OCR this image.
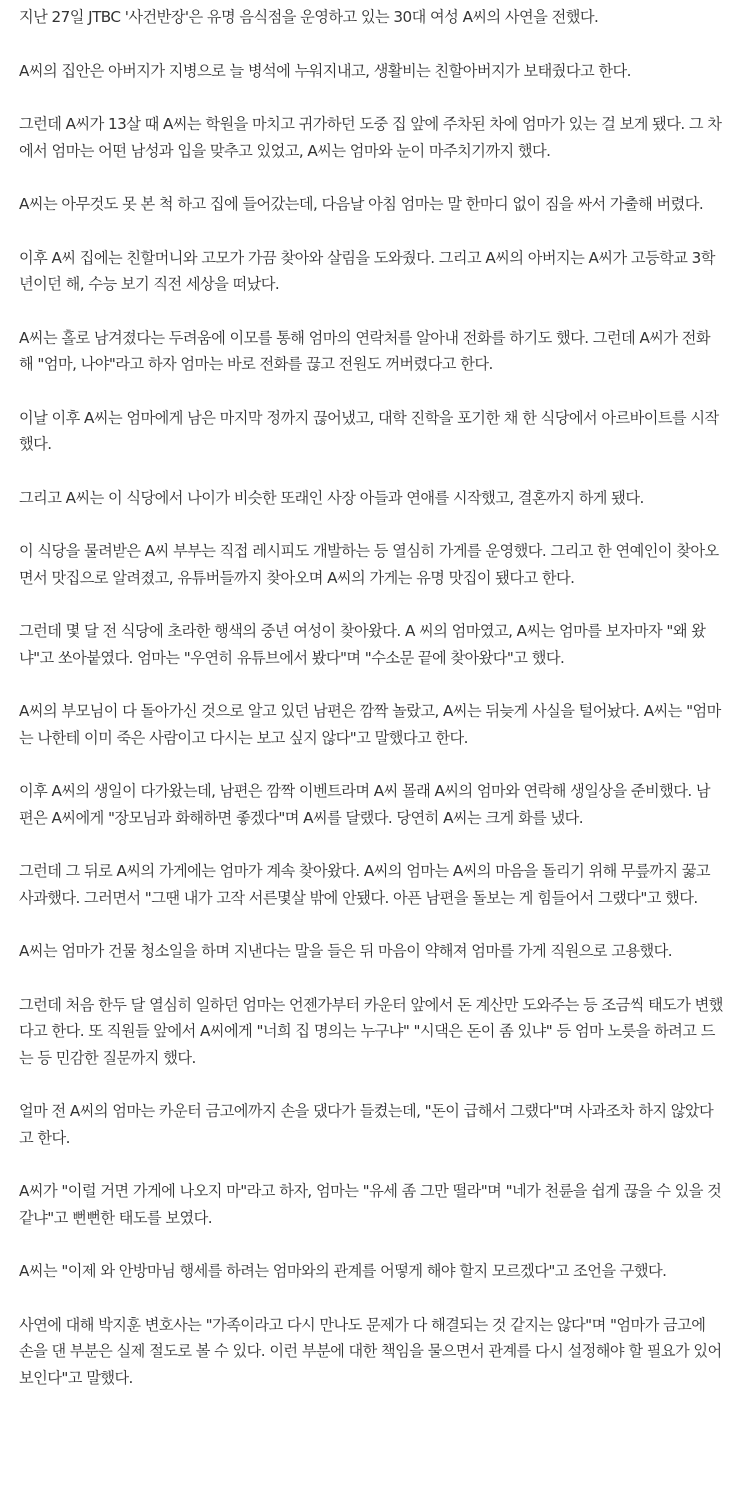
지난 27일 JTBC '사건반장'은 유명 음식점을 운영하고 있는 30대 여성 A씨의 사연을 전했다.

A씨의 집안은 아버지가 지병으로 늘 병석에 누워지내고, 생활비는 친할아버지가 보태줬다고 한다.

그런데 A씨가 13살 때 A씨는 학원을 마치고 귀가하던 도중 집 앞에 주차된 차에 엄마가 있는 걸 보게 됐다. 그 차에서 엄마는 어떤 남성과 입을 맞추고 있었고, A씨는 엄마와 눈이 마주치기까지 했다.

A씨는 아무것도 못 본 척 하고 집에 들어갔는데, 다음날 아침 엄마는 말 한마디 없이 짐을 싸서 가출해 버렸다.

이후 A씨 집에는 친할머니와 고모가 가끔 찾아와 살림을 도와줬다. 그리고 A씨의 아버지는 A씨가 고등학교 3학년이던 해, 수능 보기 직전 세상을 떠났다.

A씨는 홀로 남겨졌다는 두려움에 이모를 통해 엄마의 연락처를 알아내 전화를 하기도 했다. 그런데 A씨가 전화해 "엄마, 나야"라고 하자 엄마는 바로 전화를 끊고 전원도 꺼버렸다고 한다.

이날 이후 A씨는 엄마에게 남은 마지막 정까지 끊어냈고, 대학 진학을 포기한 채 한 식당에서 아르바이트를 시작했다.

그리고 A씨는 이 식당에서 나이가 비슷한 또래인 사장 아들과 연애를 시작했고, 결혼까지 하게 됐다.

이 식당을 물려받은 A씨 부부는 직접 레시피도 개발하는 등 열심히 가게를 운영했다. 그리고 한 연예인이 찾아오면서 맛집으로 알려졌고, 유튜버들까지 찾아오며 A씨의 가게는 유명 맛집이 됐다고 한다.

그런데 몇 달 전 식당에 초라한 행색의 중년 여성이 찾아왔다. A 씨의 엄마였고, A씨는 엄마를 보자마자 "왜 왔냐"고 쏘아붙였다. 엄마는 "우연히 유튜브에서 봤다"며 "수소문 끝에 찾아왔다"고 했다.

A씨의 부모님이 다 돌아가신 것으로 알고 있던 남편은 깜짝 놀랐고, A씨는 뒤늦게 사실을 털어놨다. A씨는 "엄마는 나한테 이미 죽은 사람이고 다시는 보고 싶지 않다"고 말했다고 한다.

이후 A씨의 생일이 다가왔는데, 남편은 깜짝 이벤트라며 A씨 몰래 A씨의 엄마와 연락해 생일상을 준비했다. 남편은 A씨에게 "장모님과 화해하면 좋겠다"며 A씨를 달랬다. 당연히 A씨는 크게 화를 냈다.

그런데 그 뒤로 A씨의 가게에는 엄마가 계속 찾아왔다. A씨의 엄마는 A씨의 마음을 돌리기 위해 무릎까지 꿇고 사과했다. 그러면서 "그땐 내가 고작 서른몇살 밖에 안됐다. 아픈 남편을 돌보는 게 힘들어서 그랬다"고 했다.

A씨는 엄마가 건물 청소일을 하며 지낸다는 말을 들은 뒤 마음이 약해져 엄마를 가게 직원으로 고용했다.

그런데 처음 한두 달 열심히 일하던 엄마는 언젠가부터 카운터 앞에서 돈 계산만 도와주는 등 조금씩 태도가 변했다고 한다. 또 직원들 앞에서 A씨에게 "너희 집 명의는 누구냐" "시댁은 돈이 좀 있냐" 등 엄마 노릇을 하려고 드는 등 민감한 질문까지 했다.

얼마 전 A씨의 엄마는 카운터 금고에까지 손을 댔다가 들켰는데, "돈이 급해서 그랬다"며 사과조차 하지 않았다고 한다.

A씨가 "이럴 거면 가게에 나오지 마"라고 하자, 엄마는 "유세 좀 그만 떨라"며 "네가 천륜을 쉽게 끊을 수 있을 것 같냐"고 뻔뻔한 태도를 보였다.

A씨는 "이제 와 안방마님 행세를 하려는 엄마와의 관계를 어떻게 해야 할지 모르겠다"고 조언을 구했다.

사연에 대해 박지훈 변호사는 "가족이라고 다시 만나도 문제가 다 해결되는 것 같지는 않다"며 "엄마가 금고에 손을 댄 부분은 실제 절도로 볼 수 있다. 이런 부분에 대한 책임을 물으면서 관계를 다시 설정해야 할 필요가 있어 보인다"고 말했다.
